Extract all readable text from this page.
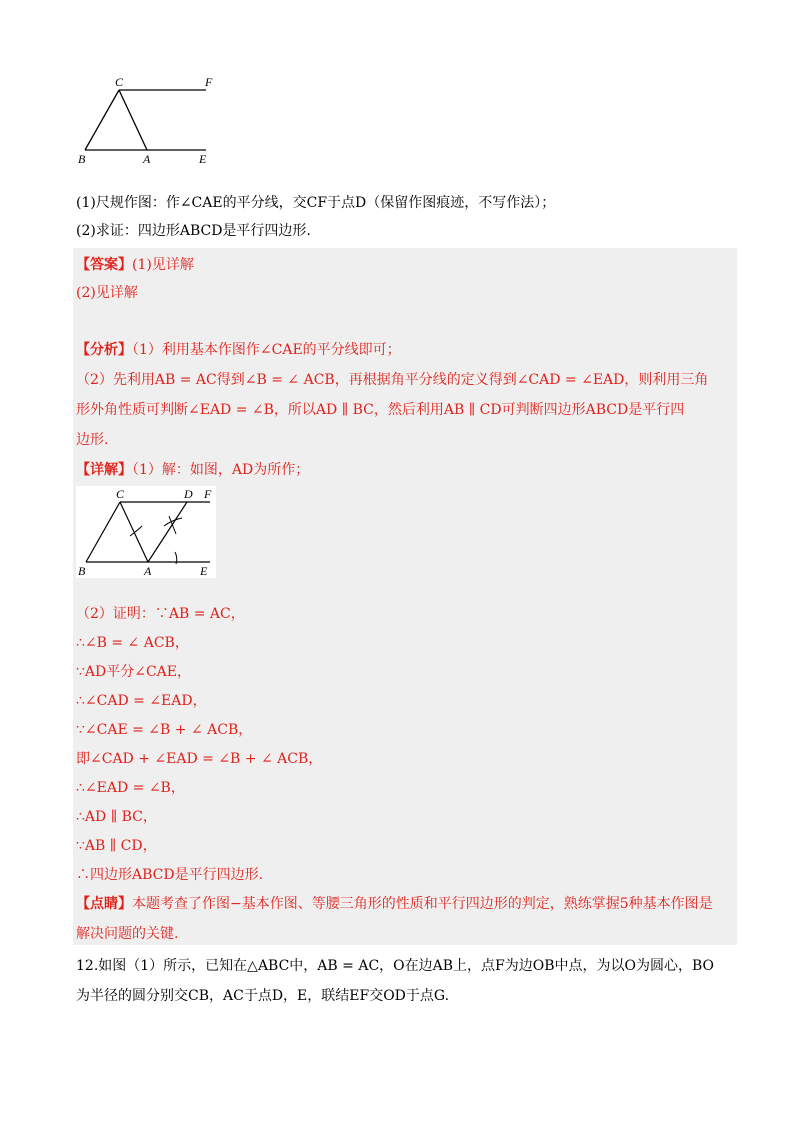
C	F
B	A	E
(1)尺规作图：作∠CAE的平分线，交CF于点D（保留作图痕迹，不写作法）；
(2)求证：四边形ABCD是平行四边形.
【答案】(1)见详解
(2)见详解
【分析】（1）利用基本作图作∠CAE的平分线即可；
（2）先利用AB = AC得到∠B = ∠ ACB，再根据角平分线的定义得到∠CAD = ∠EAD，则利用三角
形外角性质可判断∠EAD = ∠B，所以AD ∥ BC，然后利用AB ∥ CD可判断四边形ABCD是平行四
边形.
【详解】（1）解：如图，AD为所作；
C	D F
B	A	E
（2）证明：∵AB = AC，
∴∠B = ∠ ACB，
∵AD平分∠CAE，
∴∠CAD = ∠EAD，
∵∠CAE = ∠B + ∠ ACB，
即∠CAD + ∠EAD = ∠B + ∠ ACB，
∴∠EAD = ∠B，
∴AD ∥ BC，
∵AB ∥ CD，
∴四边形ABCD是平行四边形.
【点睛】本题考查了作图−基本作图、等腰三角形的性质和平行四边形的判定，熟练掌握5种基本作图是
解决问题的关键.
12.如图（1）所示，已知在△ABC中，AB = AC，O在边AB上，点F为边OB中点，为以O为圆心，BO
为半径的圆分别交CB，AC于点D，E，联结EF交OD于点G.
